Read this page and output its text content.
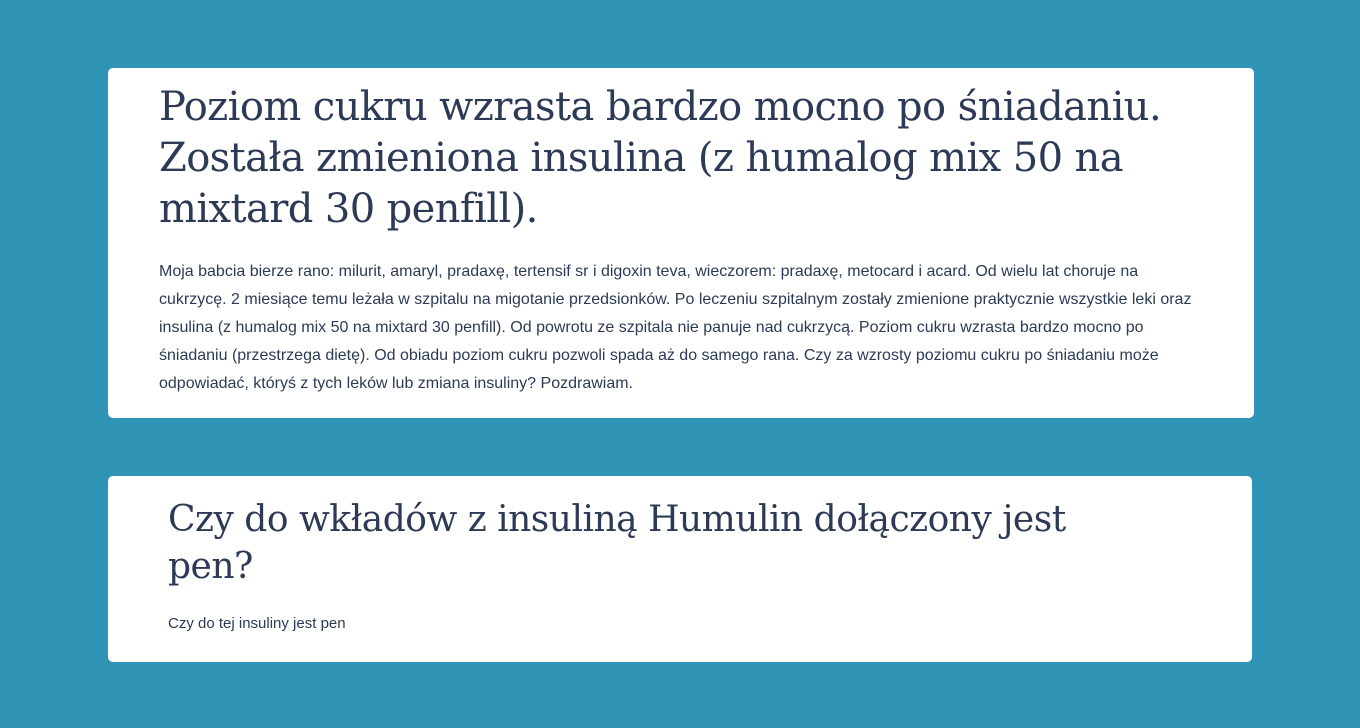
Poziom cukru wzrasta bardzo mocno po śniadaniu. Została zmieniona insulina (z humalog mix 50 na mixtard 30 penfill).

Moja babcia bierze rano: milurit, amaryl, pradaxę, tertensif sr i digoxin teva, wieczorem: pradaxę, metocard i acard. Od wielu lat choruje na cukrzycę. 2 miesiące temu leżała w szpitalu na migotanie przedsionków. Po leczeniu szpitalnym zostały zmienione praktycznie wszystkie leki oraz insulina (z humalog mix 50 na mixtard 30 penfill). Od powrotu ze szpitala nie panuje nad cukrzycą. Poziom cukru wzrasta bardzo mocno po śniadaniu (przestrzega dietę). Od obiadu poziom cukru pozwoli spada aż do samego rana. Czy za wzrosty poziomu cukru po śniadaniu może odpowiadać, któryś z tych leków lub zmiana insuliny? Pozdrawiam.

Czy do wkładów z insuliną Humulin dołączony jest pen?

Czy do tej insuliny jest pen
